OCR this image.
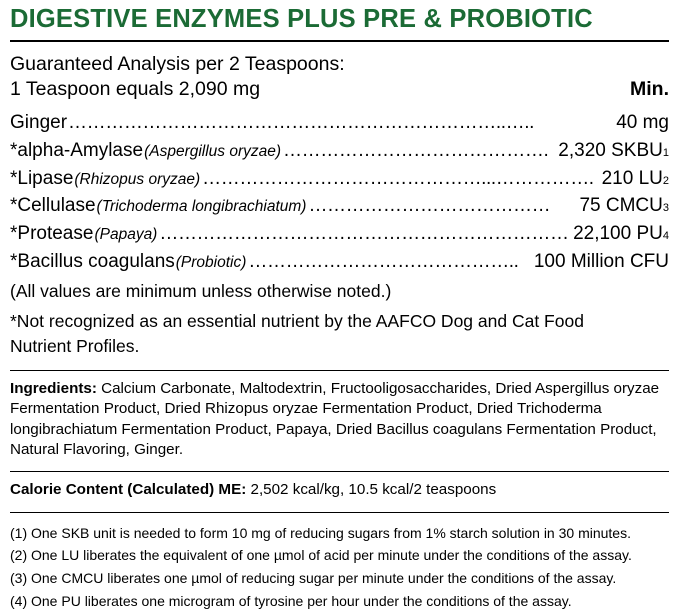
DIGESTIVE ENZYMES PLUS PRE & PROBIOTIC
Guaranteed Analysis per 2 Teaspoons:
1 Teaspoon equals 2,090 mg	Min.
Ginger ……………………………………………………………..…..	40 mg
*alpha-Amylase (Aspergillus oryzae) ……………………………………. 2,320 SKBU 1
*Lipase (Rhizopus oryzae) ………………………………………...……………. 210 LU 2
*Cellulase (Trichoderma longibrachiatum) …………………………………	75 CMCU 3
*Protease (Papaya) ………………………………………………………… 22,100 PU 4
*Bacillus coagulans (Probiotic) …………………………………….. 100 Million CFU
(All values are minimum unless otherwise noted.)
*Not recognized as an essential nutrient by the AAFCO Dog and Cat Food
Nutrient Profiles.
Ingredients: Calcium Carbonate, Maltodextrin, Fructooligosaccharides, Dried Aspergillus oryzae Fermentation Product, Dried Rhizopus oryzae Fermentation Product, Dried Trichoderma longibrachiatum Fermentation Product, Papaya, Dried Bacillus coagulans Fermentation Product, Natural Flavoring, Ginger.
Calorie Content (Calculated) ME: 2,502 kcal/kg, 10.5 kcal/2 teaspoons
(1) One SKB unit is needed to form 10 mg of reducing sugars from 1% starch solution in 30 minutes.
(2) One LU liberates the equivalent of one µmol of acid per minute under the conditions of the assay.
(3) One CMCU liberates one µmol of reducing sugar per minute under the conditions of the assay.
(4) One PU liberates one microgram of tyrosine per hour under the conditions of the assay.
